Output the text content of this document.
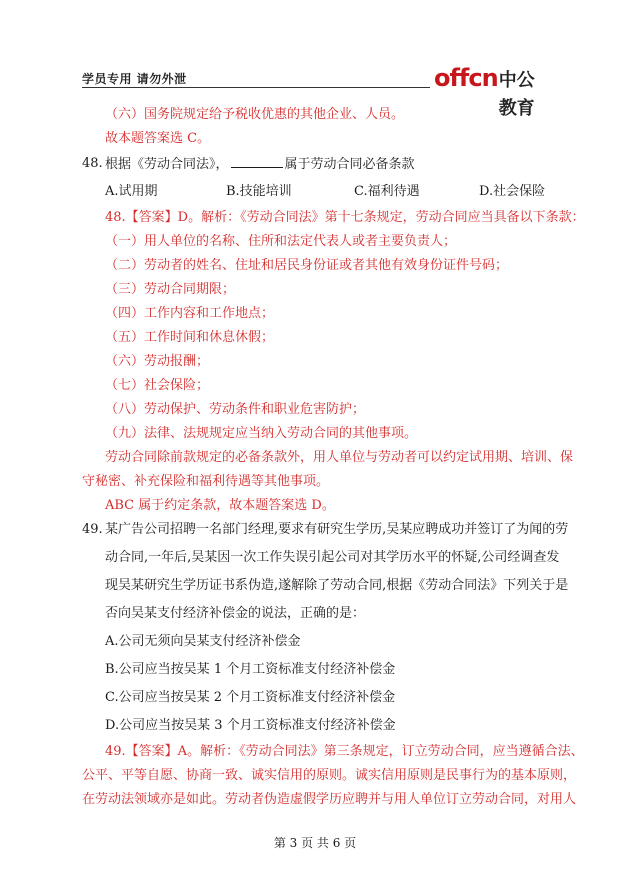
学员专用 请勿外泄	offcn 中公教育
（六）国务院规定给予税收优惠的其他企业、人员。
故本题答案选 C。
48. 根据《劳动合同法》，	属于劳动合同必备条款
A.试用期	B.技能培训	C.福利待遇	D.社会保险
48.【答案】D。解析：《劳动合同法》第十七条规定，劳动合同应当具备以下条款：
（一）用人单位的名称、住所和法定代表人或者主要负责人；
（二）劳动者的姓名、住址和居民身份证或者其他有效身份证件号码；
（三）劳动合同期限；
（四）工作内容和工作地点；
（五）工作时间和休息休假；
（六）劳动报酬；
（七）社会保险；
（八）劳动保护、劳动条件和职业危害防护；
（九）法律、法规规定应当纳入劳动合同的其他事项。
劳动合同除前款规定的必备条款外，用人单位与劳动者可以约定试用期、培训、保
守秘密、补充保险和福利待遇等其他事项。
ABC 属于约定条款，故本题答案选 D。
49. 某广告公司招聘一名部门经理,要求有研究生学历,吴某应聘成功并签订了为闻的劳
动合同,一年后,吴某因一次工作失误引起公司对其学历水平的怀疑,公司经调查发
现吴某研究生学历证书系伪造,遂解除了劳动合同,根据《劳动合同法》下列关于是
否向吴某支付经济补偿金的说法，正确的是：
A.公司无须向吴某支付经济补偿金
B.公司应当按吴某 1 个月工资标准支付经济补偿金
C.公司应当按吴某 2 个月工资标准支付经济补偿金
D.公司应当按吴某 3 个月工资标准支付经济补偿金
49.【答案】A。解析：《劳动合同法》第三条规定，订立劳动合同，应当遵循合法、
公平、平等自愿、协商一致、诚实信用的原则。诚实信用原则是民事行为的基本原则，
在劳动法领域亦是如此。劳动者伪造虚假学历应聘并与用人单位订立劳动合同，对用人
第 3 页 共 6 页
